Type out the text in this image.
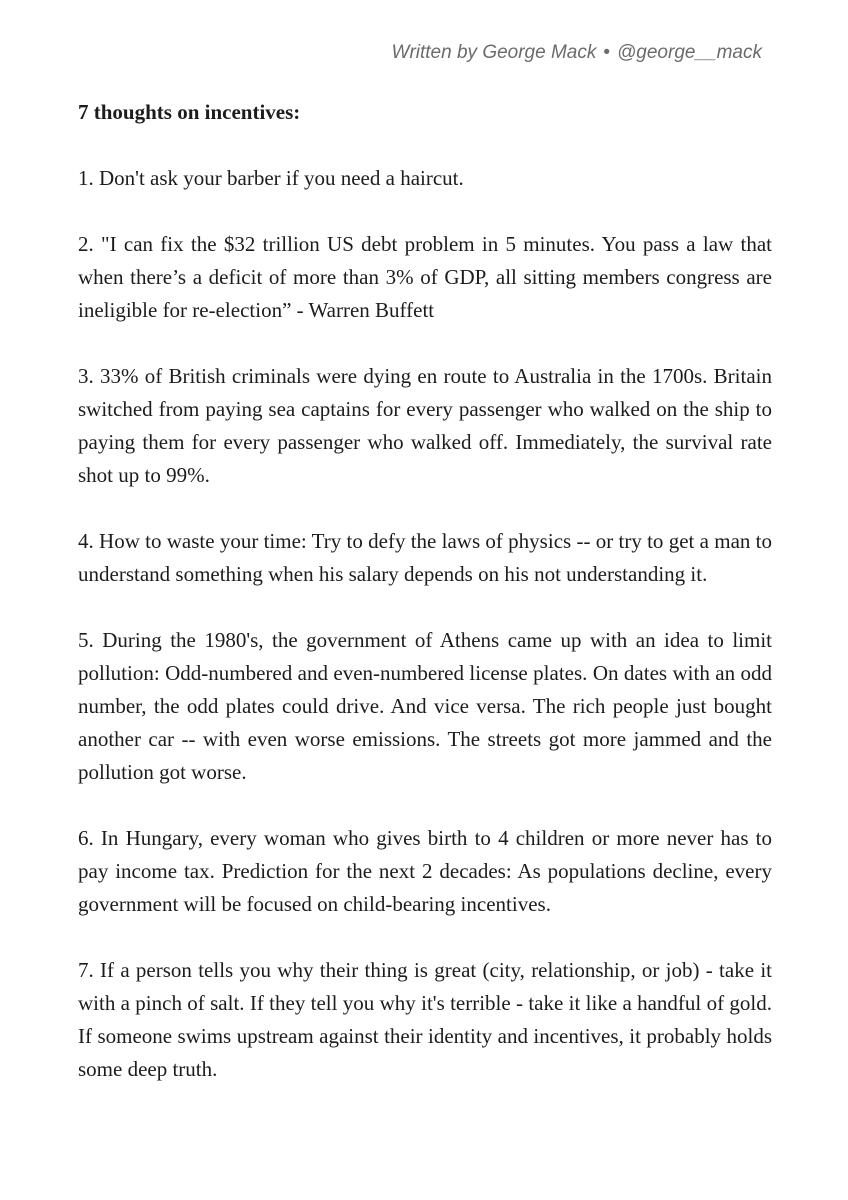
Written by George Mack • @george__mack

7 thoughts on incentives:

1. Don't ask your barber if you need a haircut.

2. "I can fix the $32 trillion US debt problem in 5 minutes. You pass a law that when there’s a deficit of more than 3% of GDP, all sitting members congress are ineligible for re-election” - Warren Buffett

3. 33% of British criminals were dying en route to Australia in the 1700s. Britain switched from paying sea captains for every passenger who walked on the ship to paying them for every passenger who walked off. Immediately, the survival rate shot up to 99%.

4. How to waste your time: Try to defy the laws of physics -- or try to get a man to understand something when his salary depends on his not understanding it.

5. During the 1980's, the government of Athens came up with an idea to limit pollution: Odd-numbered and even-numbered license plates. On dates with an odd number, the odd plates could drive. And vice versa. The rich people just bought another car -- with even worse emissions. The streets got more jammed and the pollution got worse.

6. In Hungary, every woman who gives birth to 4 children or more never has to pay income tax. Prediction for the next 2 decades: As populations decline, every government will be focused on child-bearing incentives.

7. If a person tells you why their thing is great (city, relationship, or job) - take it with a pinch of salt. If they tell you why it's terrible - take it like a handful of gold. If someone swims upstream against their identity and incentives, it probably holds some deep truth.
